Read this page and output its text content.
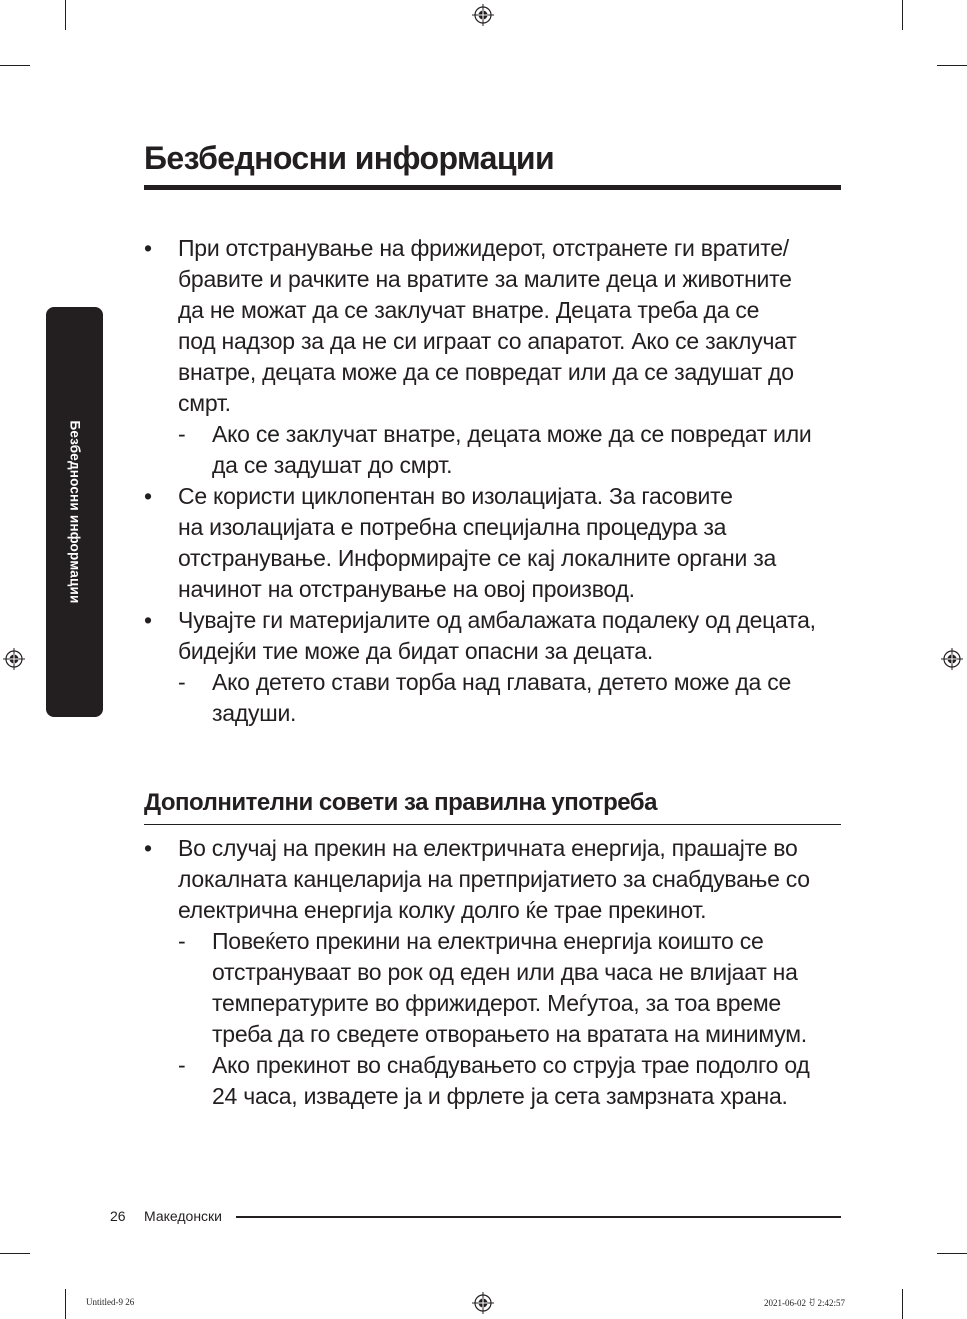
Безбедносни информации
Безбедносни информации
• При отстранување на фрижидерот, отстранете ги вратите/
бравите и рачките на вратите за малите деца и животните
да не можат да се заклучат внатре. Децата треба да се
под надзор за да не си играат со апаратот. Ако се заклучат
внатре, децата може да се повредат или да се задушат до
смрт.
- Ако се заклучат внатре, децата може да се повредат или
да се задушат до смрт.
• Се користи циклопентан во изолацијата. За гасовите
на изолацијата е потребна специјална процедура за
отстранување. Информирајте се кај локалните органи за
начинот на отстранување на овој производ.
• Чувајте ги материјалите од амбалажата подалеку од децата,
бидејќи тие може да бидат опасни за децата.
- Ако детето стави торба над главата, детето може да се
задуши.
Дополнителни совети за правилна употреба
• Во случај на прекин на електричната енергија, прашајте во
локалната канцеларија на претпријатието за снабдување со
електрична енергија колку долго ќе трае прекинот.
- Повеќето прекини на електрична енергија коишто се
отстрануваат во рок од еден или два часа не влијаат на
температурите во фрижидерот. Меѓутоа, за тоа време
треба да го сведете отворањето на вратата на минимум.
- Ако прекинот во снабдувањето со струја трае подолго од
24 часа, извадете ја и фрлете ја сета замрзната храна.
26 Македонски
Untitled-9 26	2021-06-02 ꀀ 2:42:57
